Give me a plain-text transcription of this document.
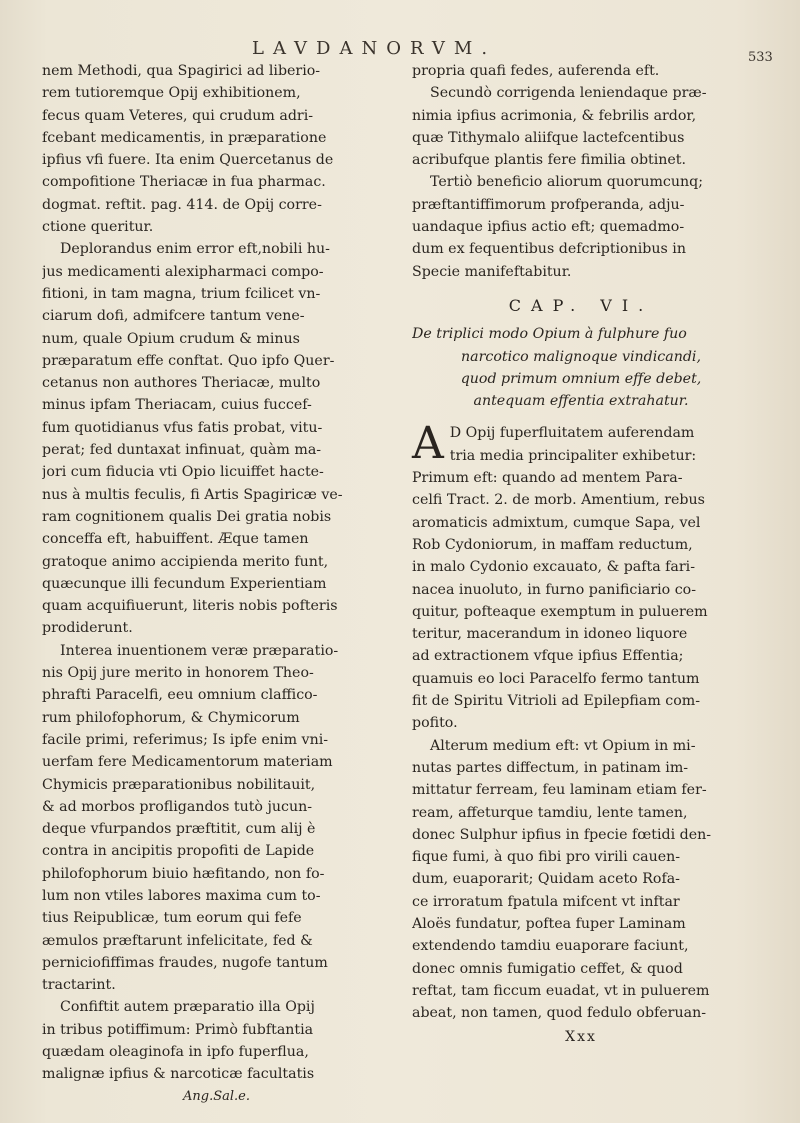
LAVDANORVM.	533
nem Methodi, qua Spagirici ad liberio-
rem tutioremque Opij exhibitionem,
fecus quam Veteres, qui crudum adri-
fcebant medicamentis, in præparatione
ipfius vfi fuere. Ita enim Quercetanus de
compofitione Theriacæ in fua pharmac.
dogmat. reftit. pag. 414. de Opij corre-
ctione queritur.
Deplorandus enim error eft,nobili hu-
jus medicamenti alexipharmaci compo-
fitioni, in tam magna, trium fcilicet vn-
ciarum dofi, admifcere tantum vene-
num, quale Opium crudum & minus
præparatum effe conftat. Quo ipfo Quer-
cetanus non authores Theriacæ, multo
minus ipfam Theriacam, cuius fuccef-
fum quotidianus vfus fatis probat, vitu-
perat; fed duntaxat infinuat, quàm ma-
jori cum fiducia vti Opio licuiffet hacte-
nus à multis feculis, fi Artis Spagiricæ ve-
ram cognitionem qualis Dei gratia nobis
conceffa eft, habuiffent. Æque tamen
gratoque animo accipienda merito funt,
quæcunque illi fecundum Experientiam
quam acquifiuerunt, literis nobis pofteris
prodiderunt.
Interea inuentionem veræ præparatio-
nis Opij jure merito in honorem Theo-
phrafti Paracelfi, eeu omnium claffico-
rum philofophorum, & Chymicorum
facile primi, referimus; Is ipfe enim vni-
uerfam fere Medicamentorum materiam
Chymicis præparationibus nobilitauit,
& ad morbos profligandos tutò jucun-
deque vfurpandos præftitit, cum alij è
contra in ancipitis propofiti de Lapide
philofophorum biuio hæfitando, non fo-
lum non vtiles labores maxima cum to-
tius Reipublicæ, tum eorum qui fefe
æmulos præftarunt infelicitate, fed &
perniciofiffimas fraudes, nugofe tantum
tractarint.
Confiftit autem præparatio illa Opij
in tribus potiffimum: Primò fubftantia
quædam oleaginofa in ipfo fuperflua,
malignæ ipfius & narcoticæ facultatis
Ang.Sal.e.
propria quafi fedes, auferenda eft.
Secundò corrigenda leniendaque præ-
nimia ipfius acrimonia, & febrilis ardor,
quæ Tithymalo aliifque lactefcentibus
acribufque plantis fere fimilia obtinet.
Tertiò beneficio aliorum quorumcunq;
præftantiffimorum profperanda, adju-
uandaque ipfius actio eft; quemadmo-
dum ex fequentibus defcriptionibus in
Specie manifeftabitur.
CAP. VI.
De triplici modo Opium à fulphure fuo
narcotico malignoque vindicandi,
quod primum omnium effe debet,
antequam effentia extrahatur.
A D Opij fuperfluitatem auferendam
tria media principaliter exhibetur:
Primum eft: quando ad mentem Para-
celfi Tract. 2. de morb. Amentium, rebus
aromaticis admixtum, cumque Sapa, vel
Rob Cydoniorum, in maffam reductum,
in malo Cydonio excauato, & pafta fari-
nacea inuoluto, in furno panificiario co-
quitur, pofteaque exemptum in puluerem
teritur, macerandum in idoneo liquore
ad extractionem vfque ipfius Effentia;
quamuis eo loci Paracelfo fermo tantum
fit de Spiritu Vitrioli ad Epilepfiam com-
pofito.
Alterum medium eft: vt Opium in mi-
nutas partes diffectum, in patinam im-
mittatur ferream, feu laminam etiam fer-
ream, affeturque tamdiu, lente tamen,
donec Sulphur ipfius in fpecie fœtidi den-
fique fumi, à quo fibi pro virili cauen-
dum, euaporarit; Quidam aceto Rofa-
ce irroratum fpatula mifcent vt inftar
Aloës fundatur, poftea fuper Laminam
extendendo tamdiu euaporare faciunt,
donec omnis fumigatio ceffet, & quod
reftat, tam ficcum euadat, vt in puluerem
abeat, non tamen, quod fedulo obferuan-
Xxx
